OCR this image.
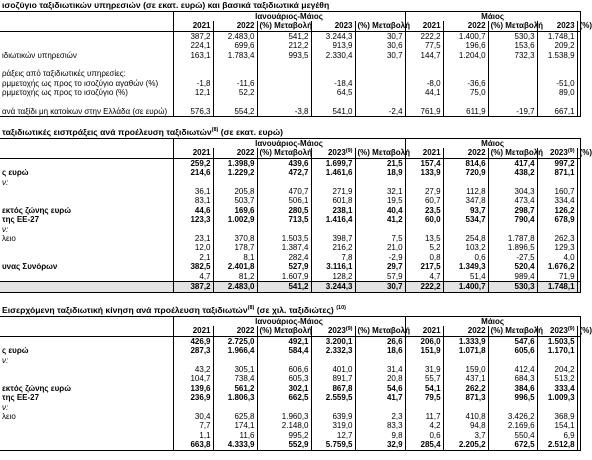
ισοζύγιο ταξιδιωτικών υπηρεσιών (σε εκατ. ευρώ) και βασικά ταξιδιωτικά μεγέθη
	Ιανουάριος-Μάιος					Μάιος				
	2021	2022	(%) Μεταβολή	2023	(%) Μεταβολή	2021	2022	(%) Μεταβολή	2023	(%)
	387,2	2.483,0	541,2	3.244,3	30,7	222,2	1.400,7	530,3	1.748,1	
	224,1	699,6	212,2	913,9	30,6	77,5	196,6	153,6	209,2	
ιδιωτικών υπηρεσιών	163,1	1.783,4	993,5	2.330,4	30,7	144,7	1.204,0	732,3	1.538,9	

ράξεις από ταξιδιωτικές υπηρεσίες:										
ρμμετοχής ως προς το ισοζύγιο αγαθών (%)	-1,8	-11,6		-18,4		-8,0	-36,6		-51,0	
ρμμετοχής ως προς το ισοζύγιο (%)	12,1	52,2		64,5		44,1	75,0		89,0	

ανά ταξίδι μη κατοίκων στην Ελλάδα (σε ευρώ)	576,3	554,2	-3,8	541,0	-2,4	761,9	611,9	-19,7	667,1	
ταξιδιωτικές εισπράξεις ανά προέλευση ταξιδιωτών$^{(8)}$ (σε εκατ. ευρώ)
	Ιανουάριος-Μάιος					Μάιος				
	2021	2022	(%) Μεταβολή	2023$^{(9)}$	(%) Μεταβολή	2021	2022	(%) Μεταβολή	2023$^{(9)}$	(%)
	259,2	1.398,9	439,6	1.699,7	21,5	157,4	814,6	417,4	997,2	
ς ευρώ	214,6	1.229,2	472,7	1.461,6	18,9	133,9	720,9	438,2	871,1	
ν:										
	36,1	205,8	470,7	271,9	32,1	27,9	112,8	304,3	160,7	
	83,1	503,7	506,1	601,8	19,5	60,7	347,8	473,4	334,4	
εκτός ζώνης ευρώ	44,6	169,6	280,5	238,1	40,4	23,5	93,7	298,7	126,2	
της ΕΕ-27	123,3	1.002,9	713,5	1.416,4	41,2	60,0	534,7	790,4	678,9	
ν:										
λειο	23,1	370,8	1.503,5	398,7	7,5	13,5	254,8	1.787,8	262,3	
	12,0	178,7	1.387,4	216,2	21,0	5,2	103,2	1.896,5	129,3	
	2,1	8,1	282,4	7,8	-2,9	0,8	0,6	-27,5	4,0	
υνας Συνόρων	382,5	2.401,8	527,9	3.116,1	29,7	217,5	1.349,3	520,4	1.676,2	
	4,7	81,2	1.607,9	128,2	57,9	4,7	51,4	989,4	71,9	
	387,2	2.483,0	541,2	3.244,3	30,7	222,2	1.400,7	530,3	1.748,1	
Εισερχόμενη ταξιδιωτική κίνηση ανά προέλευση ταξιδιωτών$^{(8)}$ (σε χιλ. ταξιδιώτες) $^{(10)}$
	Ιανουάριος-Μάιος					Μάιος				
	2021	2022	(%) Μεταβολή	2023$^{(9)}$	(%) Μεταβολή	2021	2022	(%) Μεταβολή	2023$^{(9)}$	(%)
	426,9	2.725,0	492,1	3.200,1	26,6	206,0	1.333,9	547,6	1.503,5	
ς ευρώ	287,3	1.966,4	584,4	2.332,3	18,6	151,9	1.071,8	605,6	1.170,1	
ν:										
	43,2	305,1	606,6	401,0	31,4	31,9	159,0	412,4	204,2	
	104,7	738,4	605,3	891,7	20,8	55,7	437,1	684,3	513,2	
εκτός ζώνης ευρώ	139,6	561,2	302,1	867,8	54,6	54,1	262,2	384,6	333,4	
της ΕΕ-27	236,9	1.806,3	662,5	2.559,5	41,7	79,5	871,3	996,5	1.009,3	
ν:										
λειο	30,4	625,8	1.960,3	639,9	2,3	11,7	410,8	3.426,2	368,9	
	7,7	174,1	2.148,0	319,0	83,3	4,2	94,8	2.169,6	154,1	
	1,1	11,6	995,2	12,7	9,8	0,6	3,7	550,4	6,9	
	663,8	4.333,9	552,9	5.759,5	32,9	285,4	2.205,2	672,5	2.512,8	
